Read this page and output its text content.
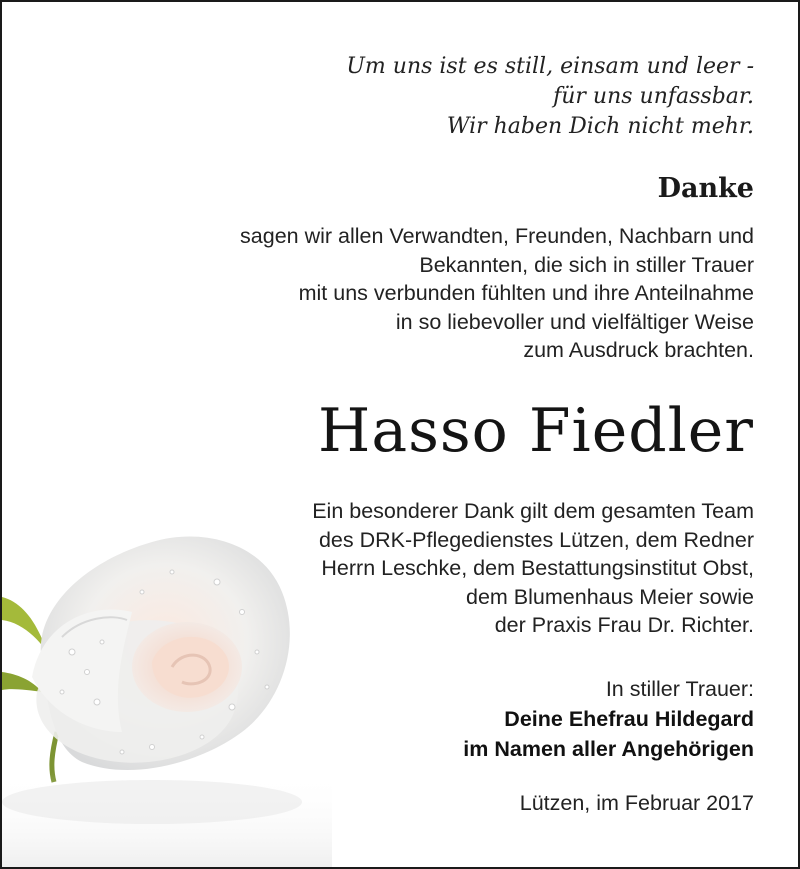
Um uns ist es still, einsam und leer -
für uns unfassbar.
Wir haben Dich nicht mehr.
Danke
sagen wir allen Verwandten, Freunden, Nachbarn und
Bekannten, die sich in stiller Trauer
mit uns verbunden fühlten und ihre Anteilnahme
in so liebevoller und vielfältiger Weise
zum Ausdruck brachten.
Hasso Fiedler
Ein besonderer Dank gilt dem gesamten Team
des DRK-Pflegedienstes Lützen, dem Redner
Herrn Leschke, dem Bestattungsinstitut Obst,
dem Blumenhaus Meier sowie
der Praxis Frau Dr. Richter.
In stiller Trauer:
Deine Ehefrau Hildegard
im Namen aller Angehörigen
Lützen, im Februar 2017
